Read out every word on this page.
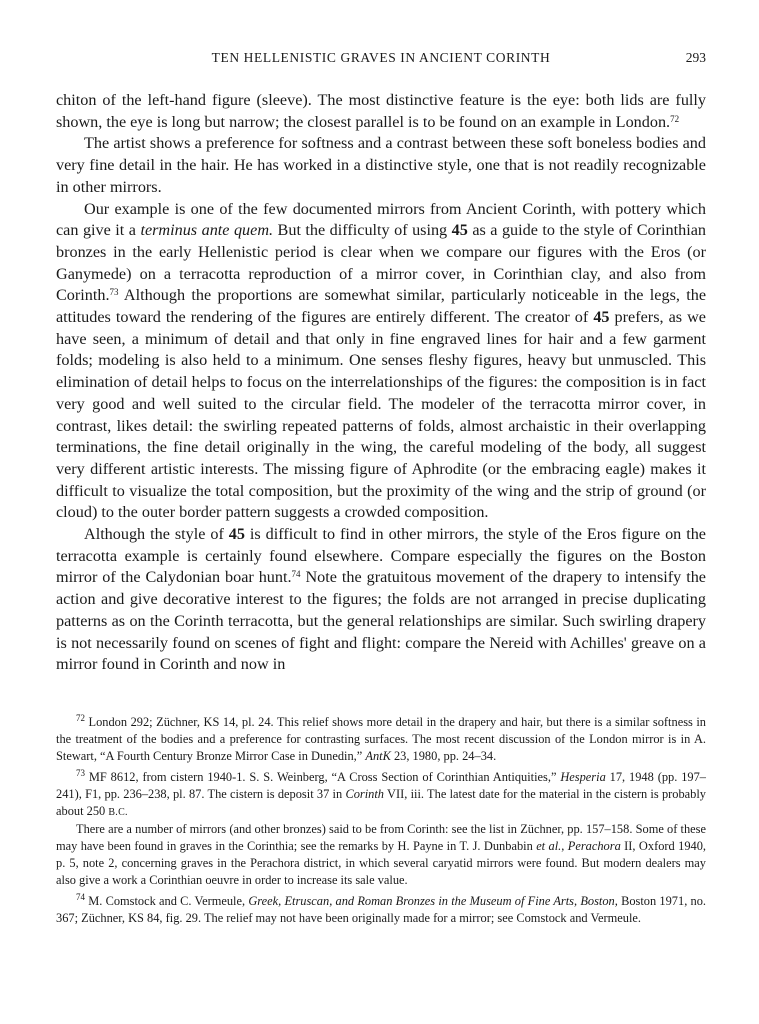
TEN HELLENISTIC GRAVES IN ANCIENT CORINTH	293

chiton of the left-hand figure (sleeve). The most distinctive feature is the eye: both lids are fully shown, the eye is long but narrow; the closest parallel is to be found on an example in London.$^{72}$

The artist shows a preference for softness and a contrast between these soft boneless bodies and very fine detail in the hair. He has worked in a distinctive style, one that is not readily recognizable in other mirrors.

Our example is one of the few documented mirrors from Ancient Corinth, with pottery which can give it a terminus ante quem. But the difficulty of using 45 as a guide to the style of Corinthian bronzes in the early Hellenistic period is clear when we compare our figures with the Eros (or Ganymede) on a terracotta reproduction of a mirror cover, in Corinthian clay, and also from Corinth.$^{73}$ Although the proportions are somewhat similar, particularly noticeable in the legs, the attitudes toward the rendering of the figures are entirely different. The creator of 45 prefers, as we have seen, a minimum of detail and that only in fine engraved lines for hair and a few garment folds; modeling is also held to a minimum. One senses fleshy figures, heavy but unmuscled. This elimination of detail helps to focus on the interrelationships of the figures: the composition is in fact very good and well suited to the circular field. The modeler of the terracotta mirror cover, in contrast, likes detail: the swirling repeated patterns of folds, almost archaistic in their overlapping terminations, the fine detail originally in the wing, the careful modeling of the body, all suggest very different artistic interests. The missing figure of Aphrodite (or the embracing eagle) makes it difficult to visualize the total composition, but the proximity of the wing and the strip of ground (or cloud) to the outer border pattern suggests a crowded composition.

Although the style of 45 is difficult to find in other mirrors, the style of the Eros figure on the terracotta example is certainly found elsewhere. Compare especially the figures on the Boston mirror of the Calydonian boar hunt.$^{74}$ Note the gratuitous movement of the drapery to intensify the action and give decorative interest to the figures; the folds are not arranged in precise duplicating patterns as on the Corinth terracotta, but the general relationships are similar. Such swirling drapery is not necessarily found on scenes of fight and flight: compare the Nereid with Achilles' greave on a mirror found in Corinth and now in

$^{72}$ London 292; Züchner, KS 14, pl. 24. This relief shows more detail in the drapery and hair, but there is a similar softness in the treatment of the bodies and a preference for contrasting surfaces. The most recent discussion of the London mirror is in A. Stewart, “A Fourth Century Bronze Mirror Case in Dunedin,” AntK 23, 1980, pp. 24–34.

$^{73}$ MF 8612, from cistern 1940-1. S. S. Weinberg, “A Cross Section of Corinthian Antiquities,” Hesperia 17, 1948 (pp. 197–241), F1, pp. 236–238, pl. 87. The cistern is deposit 37 in Corinth VII, iii. The latest date for the material in the cistern is probably about 250 B.C.

There are a number of mirrors (and other bronzes) said to be from Corinth: see the list in Züchner, pp. 157–158. Some of these may have been found in graves in the Corinthia; see the remarks by H. Payne in T. J. Dunbabin et al., Perachora II, Oxford 1940, p. 5, note 2, concerning graves in the Perachora district, in which several caryatid mirrors were found. But modern dealers may also give a work a Corinthian oeuvre in order to increase its sale value.

$^{74}$ M. Comstock and C. Vermeule, Greek, Etruscan, and Roman Bronzes in the Museum of Fine Arts, Boston, Boston 1971, no. 367; Züchner, KS 84, fig. 29. The relief may not have been originally made for a mirror; see Comstock and Vermeule.
